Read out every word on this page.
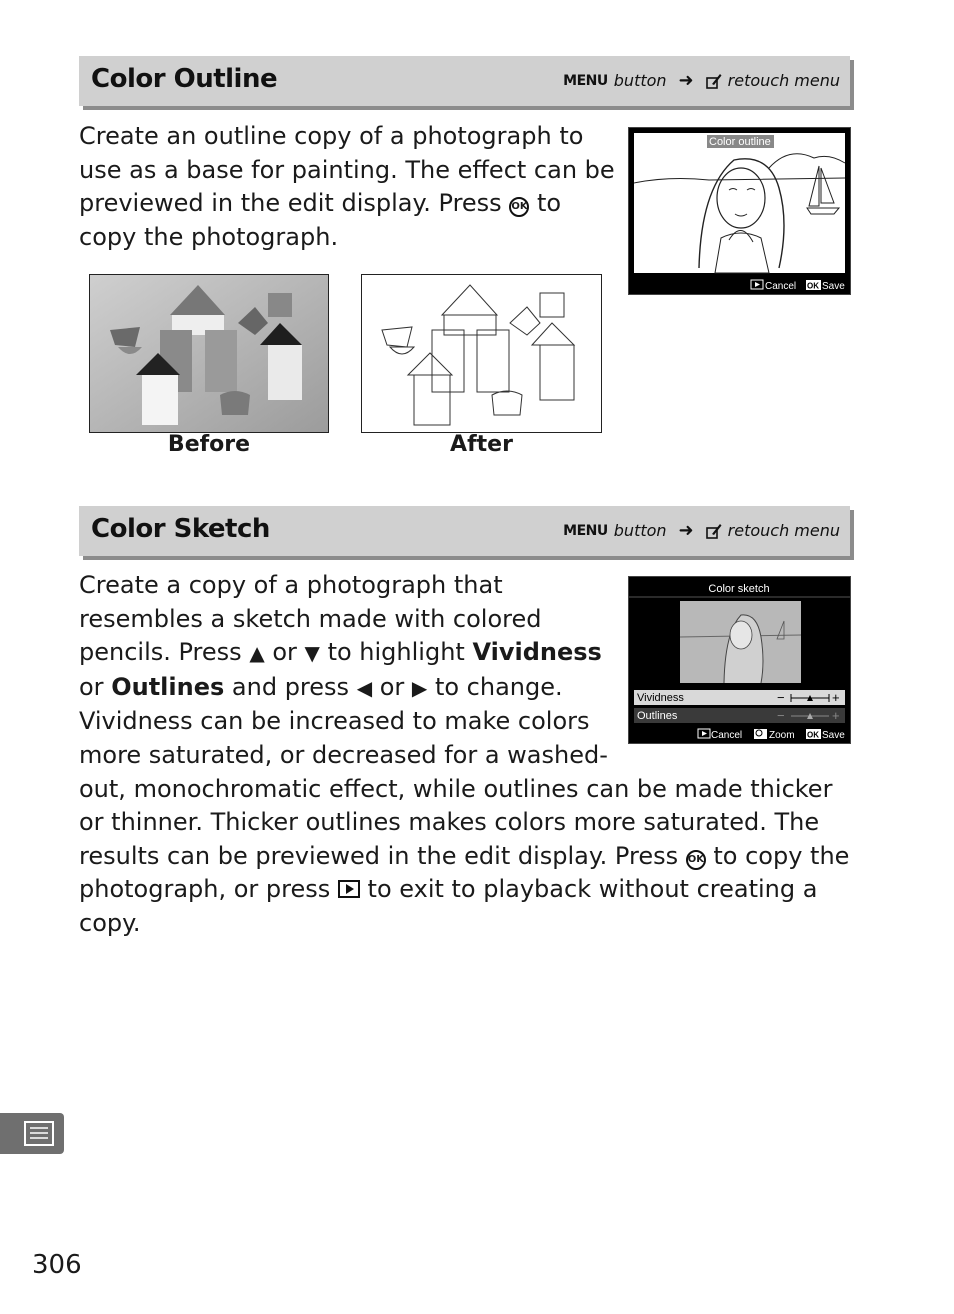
Color Outline	MENU button ➜ retouch menu
Create an outline copy of a photograph to use as a base for painting. The effect can be previewed in the edit display. Press OK to copy the photograph.
Color outline
Cancel OK Save
Before	After
Color Sketch	MENU button ➜ retouch menu
Color sketch
Vividness	−	+
Outlines	−	+
Cancel	Zoom OK Save
Create a copy of a photograph that resembles a sketch made with colored pencils. Press ▲ or ▼ to highlight Vividness or Outlines and press ◀ or ▶ to change. Vividness can be increased to make colors more saturated, or decreased for a washed-out, monochromatic effect, while outlines can be made thicker or thinner. Thicker outlines makes colors more saturated. The results can be previewed in the edit display. Press OK to copy the photograph, or press to exit to playback without creating a copy.
306
